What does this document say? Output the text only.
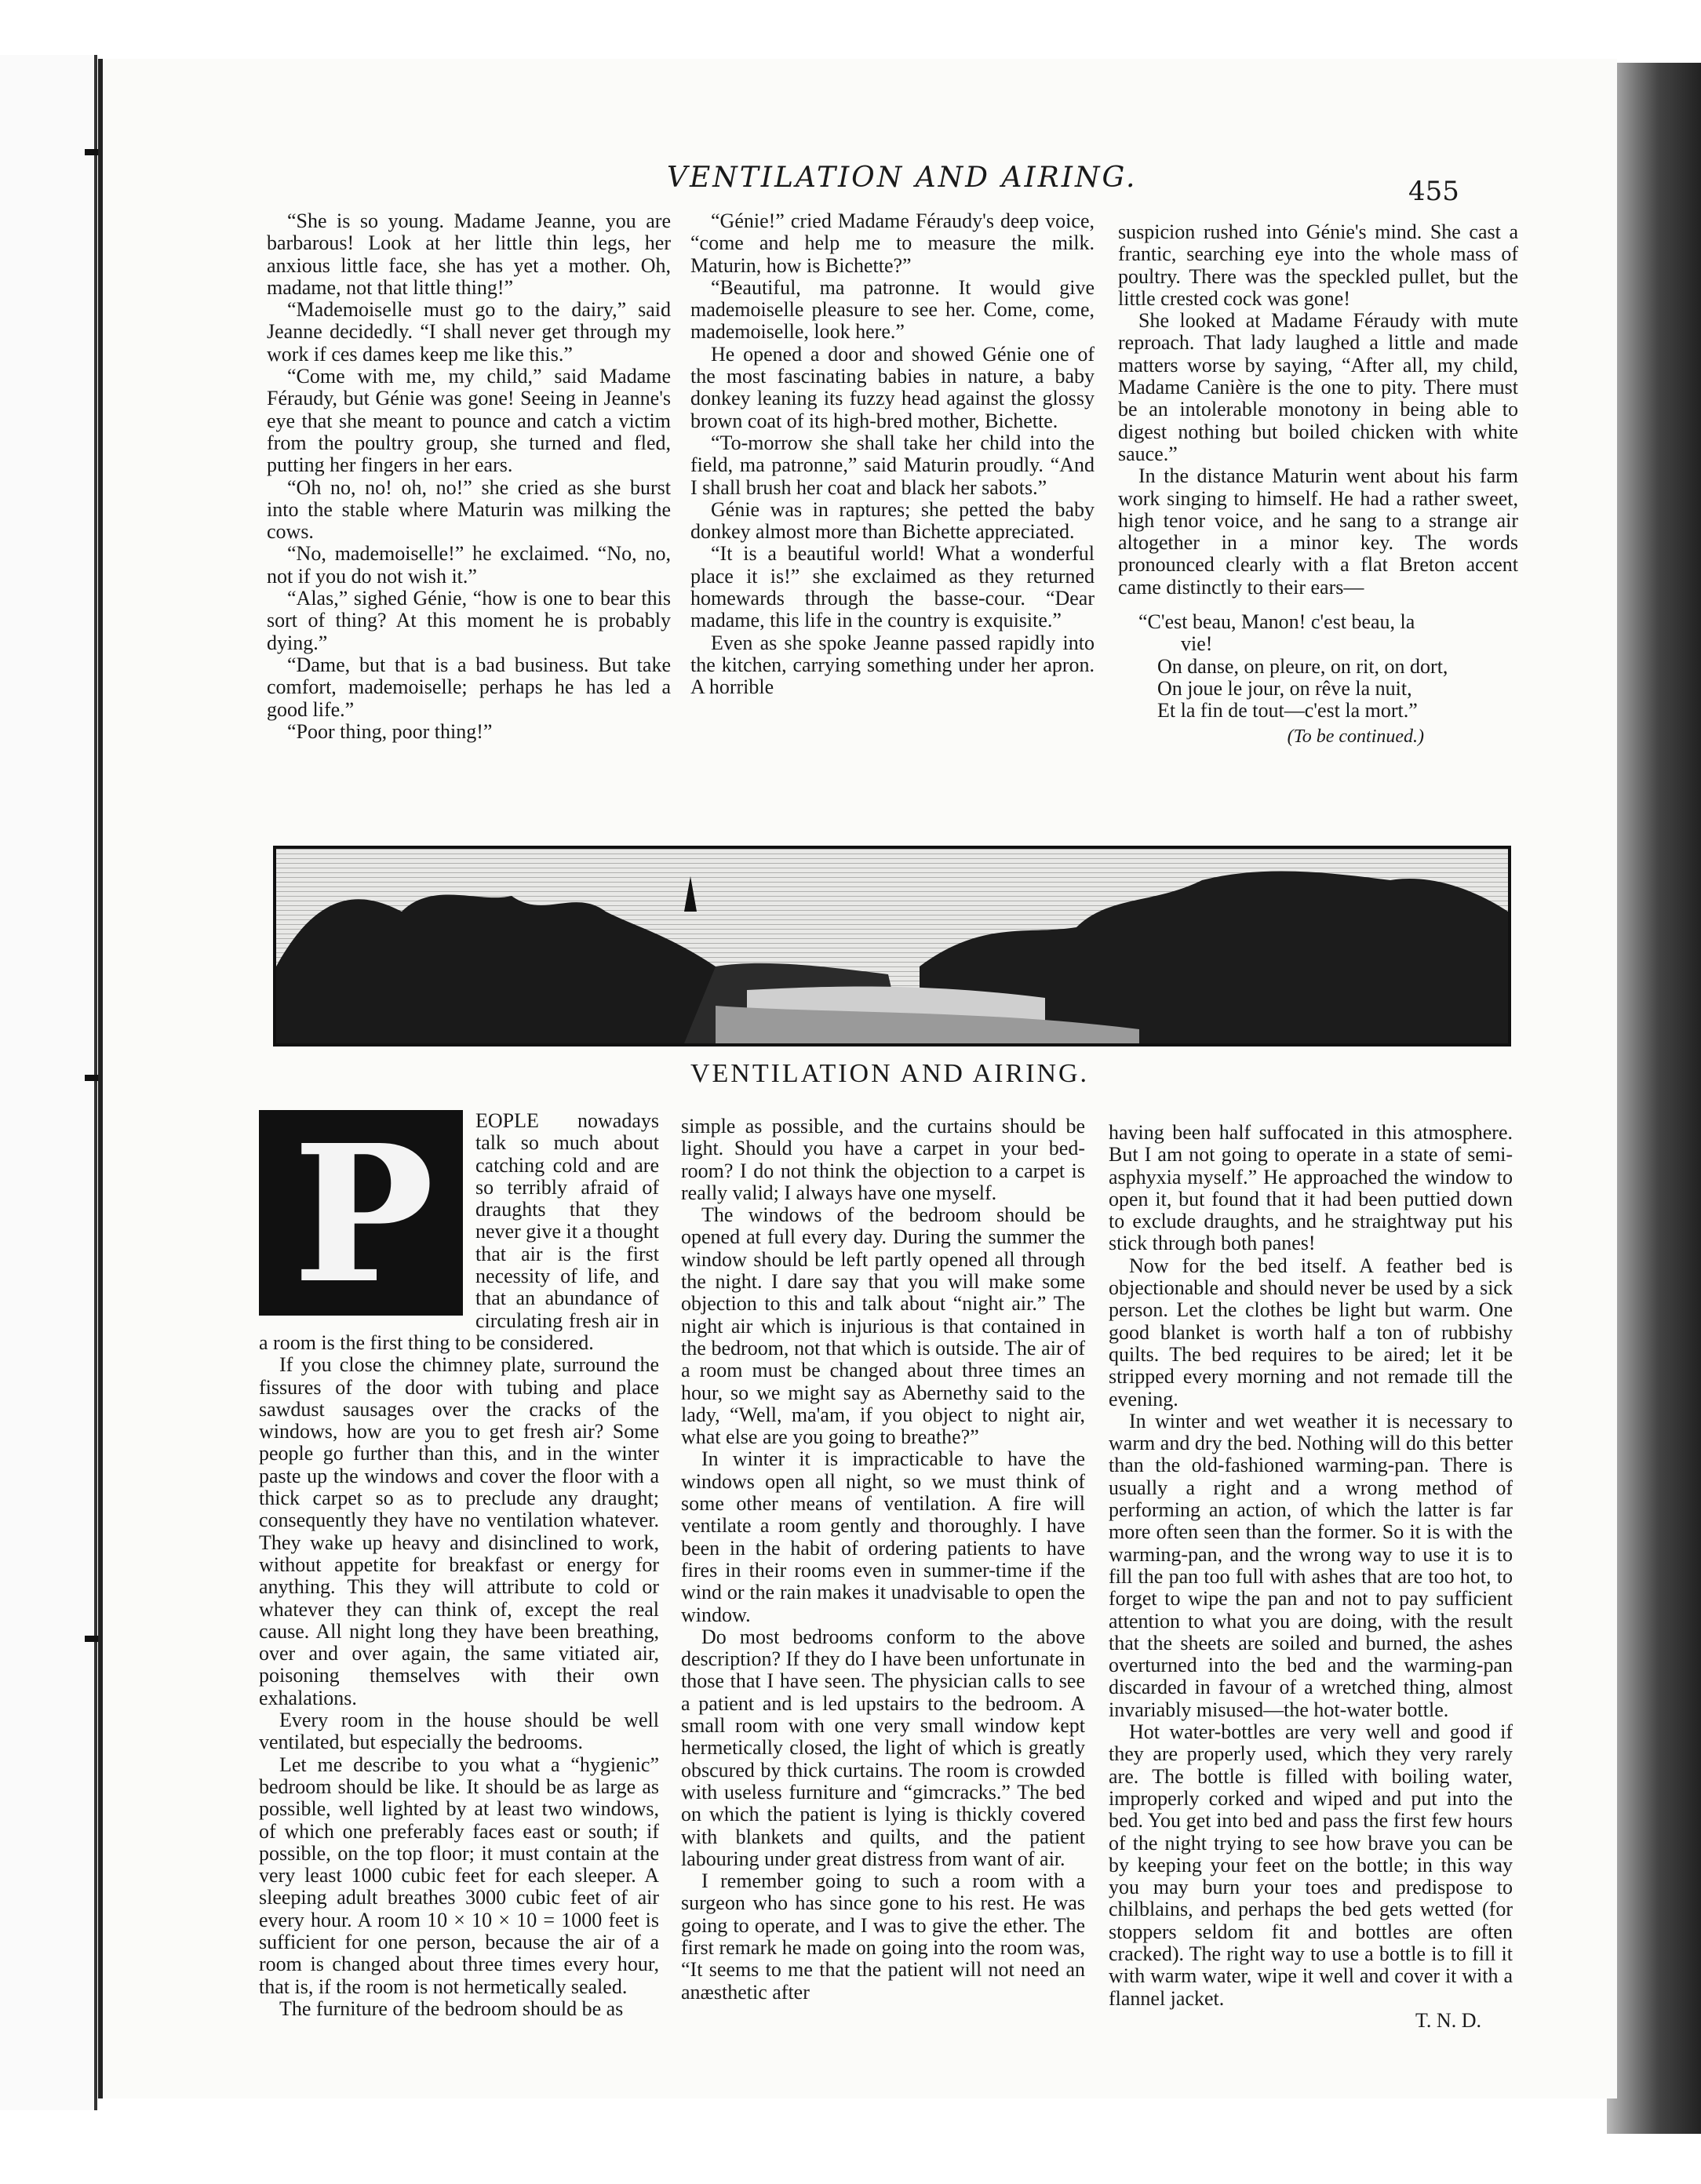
VENTILATION AND AIRING.	455

“She is so young. Madame Jeanne, you are barbarous! Look at her little thin legs, her anxious little face, she has yet a mother. Oh, madame, not that little thing!”

“Mademoiselle must go to the dairy,” said Jeanne decidedly. “I shall never get through my work if ces dames keep me like this.”

“Come with me, my child,” said Madame Féraudy, but Génie was gone! Seeing in Jeanne's eye that she meant to pounce and catch a victim from the poultry group, she turned and fled, putting her fingers in her ears.

“Oh no, no! oh, no!” she cried as she burst into the stable where Maturin was milking the cows.

“No, mademoiselle!” he exclaimed. “No, no, not if you do not wish it.”

“Alas,” sighed Génie, “how is one to bear this sort of thing? At this moment he is probably dying.”

“Dame, but that is a bad business. But take comfort, mademoiselle; perhaps he has led a good life.”

“Poor thing, poor thing!”

“Génie!” cried Madame Féraudy's deep voice, “come and help me to measure the milk. Maturin, how is Bichette?”

“Beautiful, ma patronne. It would give mademoiselle pleasure to see her. Come, come, mademoiselle, look here.”

He opened a door and showed Génie one of the most fascinating babies in nature, a baby donkey leaning its fuzzy head against the glossy brown coat of its high-bred mother, Bichette.

“To-morrow she shall take her child into the field, ma patronne,” said Maturin proudly. “And I shall brush her coat and black her sabots.”

Génie was in raptures; she petted the baby donkey almost more than Bichette appreciated.

“It is a beautiful world! What a wonderful place it is!” she exclaimed as they returned homewards through the basse-cour. “Dear madame, this life in the country is exquisite.”

Even as she spoke Jeanne passed rapidly into the kitchen, carrying something under her apron. A horrible

suspicion rushed into Génie's mind. She cast a frantic, searching eye into the whole mass of poultry. There was the speckled pullet, but the little crested cock was gone!

She looked at Madame Féraudy with mute reproach. That lady laughed a little and made matters worse by saying, “After all, my child, Madame Canière is the one to pity. There must be an intolerable monotony in being able to digest nothing but boiled chicken with white sauce.”

In the distance Maturin went about his farm work singing to himself. He had a rather sweet, high tenor voice, and he sang to a strange air altogether in a minor key. The words pronounced clearly with a flat Breton accent came distinctly to their ears—

“C'est beau, Manon! c'est beau, la
vie!
On danse, on pleure, on rit, on dort,
On joue le jour, on rêve la nuit,
Et la fin de tout—c'est la mort.”
(To be continued.)
VENTILATION AND AIRING.
P	EOPLE nowadays talk so much about catching cold and are so terribly afraid of draughts that they never give it a thought that air is the first necessity of life, and that an abundance of circulating fresh air in a room is the first thing to be considered.

If you close the chimney plate, surround the fissures of the door with tubing and place sawdust sausages over the cracks of the windows, how are you to get fresh air? Some people go further than this, and in the winter paste up the windows and cover the floor with a thick carpet so as to preclude any draught; consequently they have no ventilation whatever. They wake up heavy and disinclined to work, without appetite for breakfast or energy for anything. This they will attribute to cold or whatever they can think of, except the real cause. All night long they have been breathing, over and over again, the same vitiated air, poisoning themselves with their own exhalations.

Every room in the house should be well ventilated, but especially the bedrooms.

Let me describe to you what a “hygienic” bedroom should be like. It should be as large as possible, well lighted by at least two windows, of which one preferably faces east or south; if possible, on the top floor; it must contain at the very least 1000 cubic feet for each sleeper. A sleeping adult breathes 3000 cubic feet of air every hour. A room 10 × 10 × 10 = 1000 feet is sufficient for one person, because the air of a room is changed about three times every hour, that is, if the room is not hermetically sealed.

The furniture of the bedroom should be as

simple as possible, and the curtains should be light. Should you have a carpet in your bed-room? I do not think the objection to a carpet is really valid; I always have one myself.

The windows of the bedroom should be opened at full every day. During the summer the window should be left partly opened all through the night. I dare say that you will make some objection to this and talk about “night air.” The night air which is injurious is that contained in the bedroom, not that which is outside. The air of a room must be changed about three times an hour, so we might say as Abernethy said to the lady, “Well, ma'am, if you object to night air, what else are you going to breathe?”

In winter it is impracticable to have the windows open all night, so we must think of some other means of ventilation. A fire will ventilate a room gently and thoroughly. I have been in the habit of ordering patients to have fires in their rooms even in summer-time if the wind or the rain makes it unadvisable to open the window.

Do most bedrooms conform to the above description? If they do I have been unfortunate in those that I have seen. The physician calls to see a patient and is led upstairs to the bedroom. A small room with one very small window kept hermetically closed, the light of which is greatly obscured by thick curtains. The room is crowded with useless furniture and “gimcracks.” The bed on which the patient is lying is thickly covered with blankets and quilts, and the patient labouring under great distress from want of air.

I remember going to such a room with a surgeon who has since gone to his rest. He was going to operate, and I was to give the ether. The first remark he made on going into the room was, “It seems to me that the patient will not need an anæsthetic after

having been half suffocated in this atmosphere. But I am not going to operate in a state of semi-asphyxia myself.” He approached the window to open it, but found that it had been puttied down to exclude draughts, and he straightway put his stick through both panes!

Now for the bed itself. A feather bed is objectionable and should never be used by a sick person. Let the clothes be light but warm. One good blanket is worth half a ton of rubbishy quilts. The bed requires to be aired; let it be stripped every morning and not remade till the evening.

In winter and wet weather it is necessary to warm and dry the bed. Nothing will do this better than the old-fashioned warming-pan. There is usually a right and a wrong method of performing an action, of which the latter is far more often seen than the former. So it is with the warming-pan, and the wrong way to use it is to fill the pan too full with ashes that are too hot, to forget to wipe the pan and not to pay sufficient attention to what you are doing, with the result that the sheets are soiled and burned, the ashes overturned into the bed and the warming-pan discarded in favour of a wretched thing, almost invariably misused—the hot-water bottle.

Hot water-bottles are very well and good if they are properly used, which they very rarely are. The bottle is filled with boiling water, improperly corked and wiped and put into the bed. You get into bed and pass the first few hours of the night trying to see how brave you can be by keeping your feet on the bottle; in this way you may burn your toes and predispose to chilblains, and perhaps the bed gets wetted (for stoppers seldom fit and bottles are often cracked). The right way to use a bottle is to fill it with warm water, wipe it well and cover it with a flannel jacket.

T. N. D.
